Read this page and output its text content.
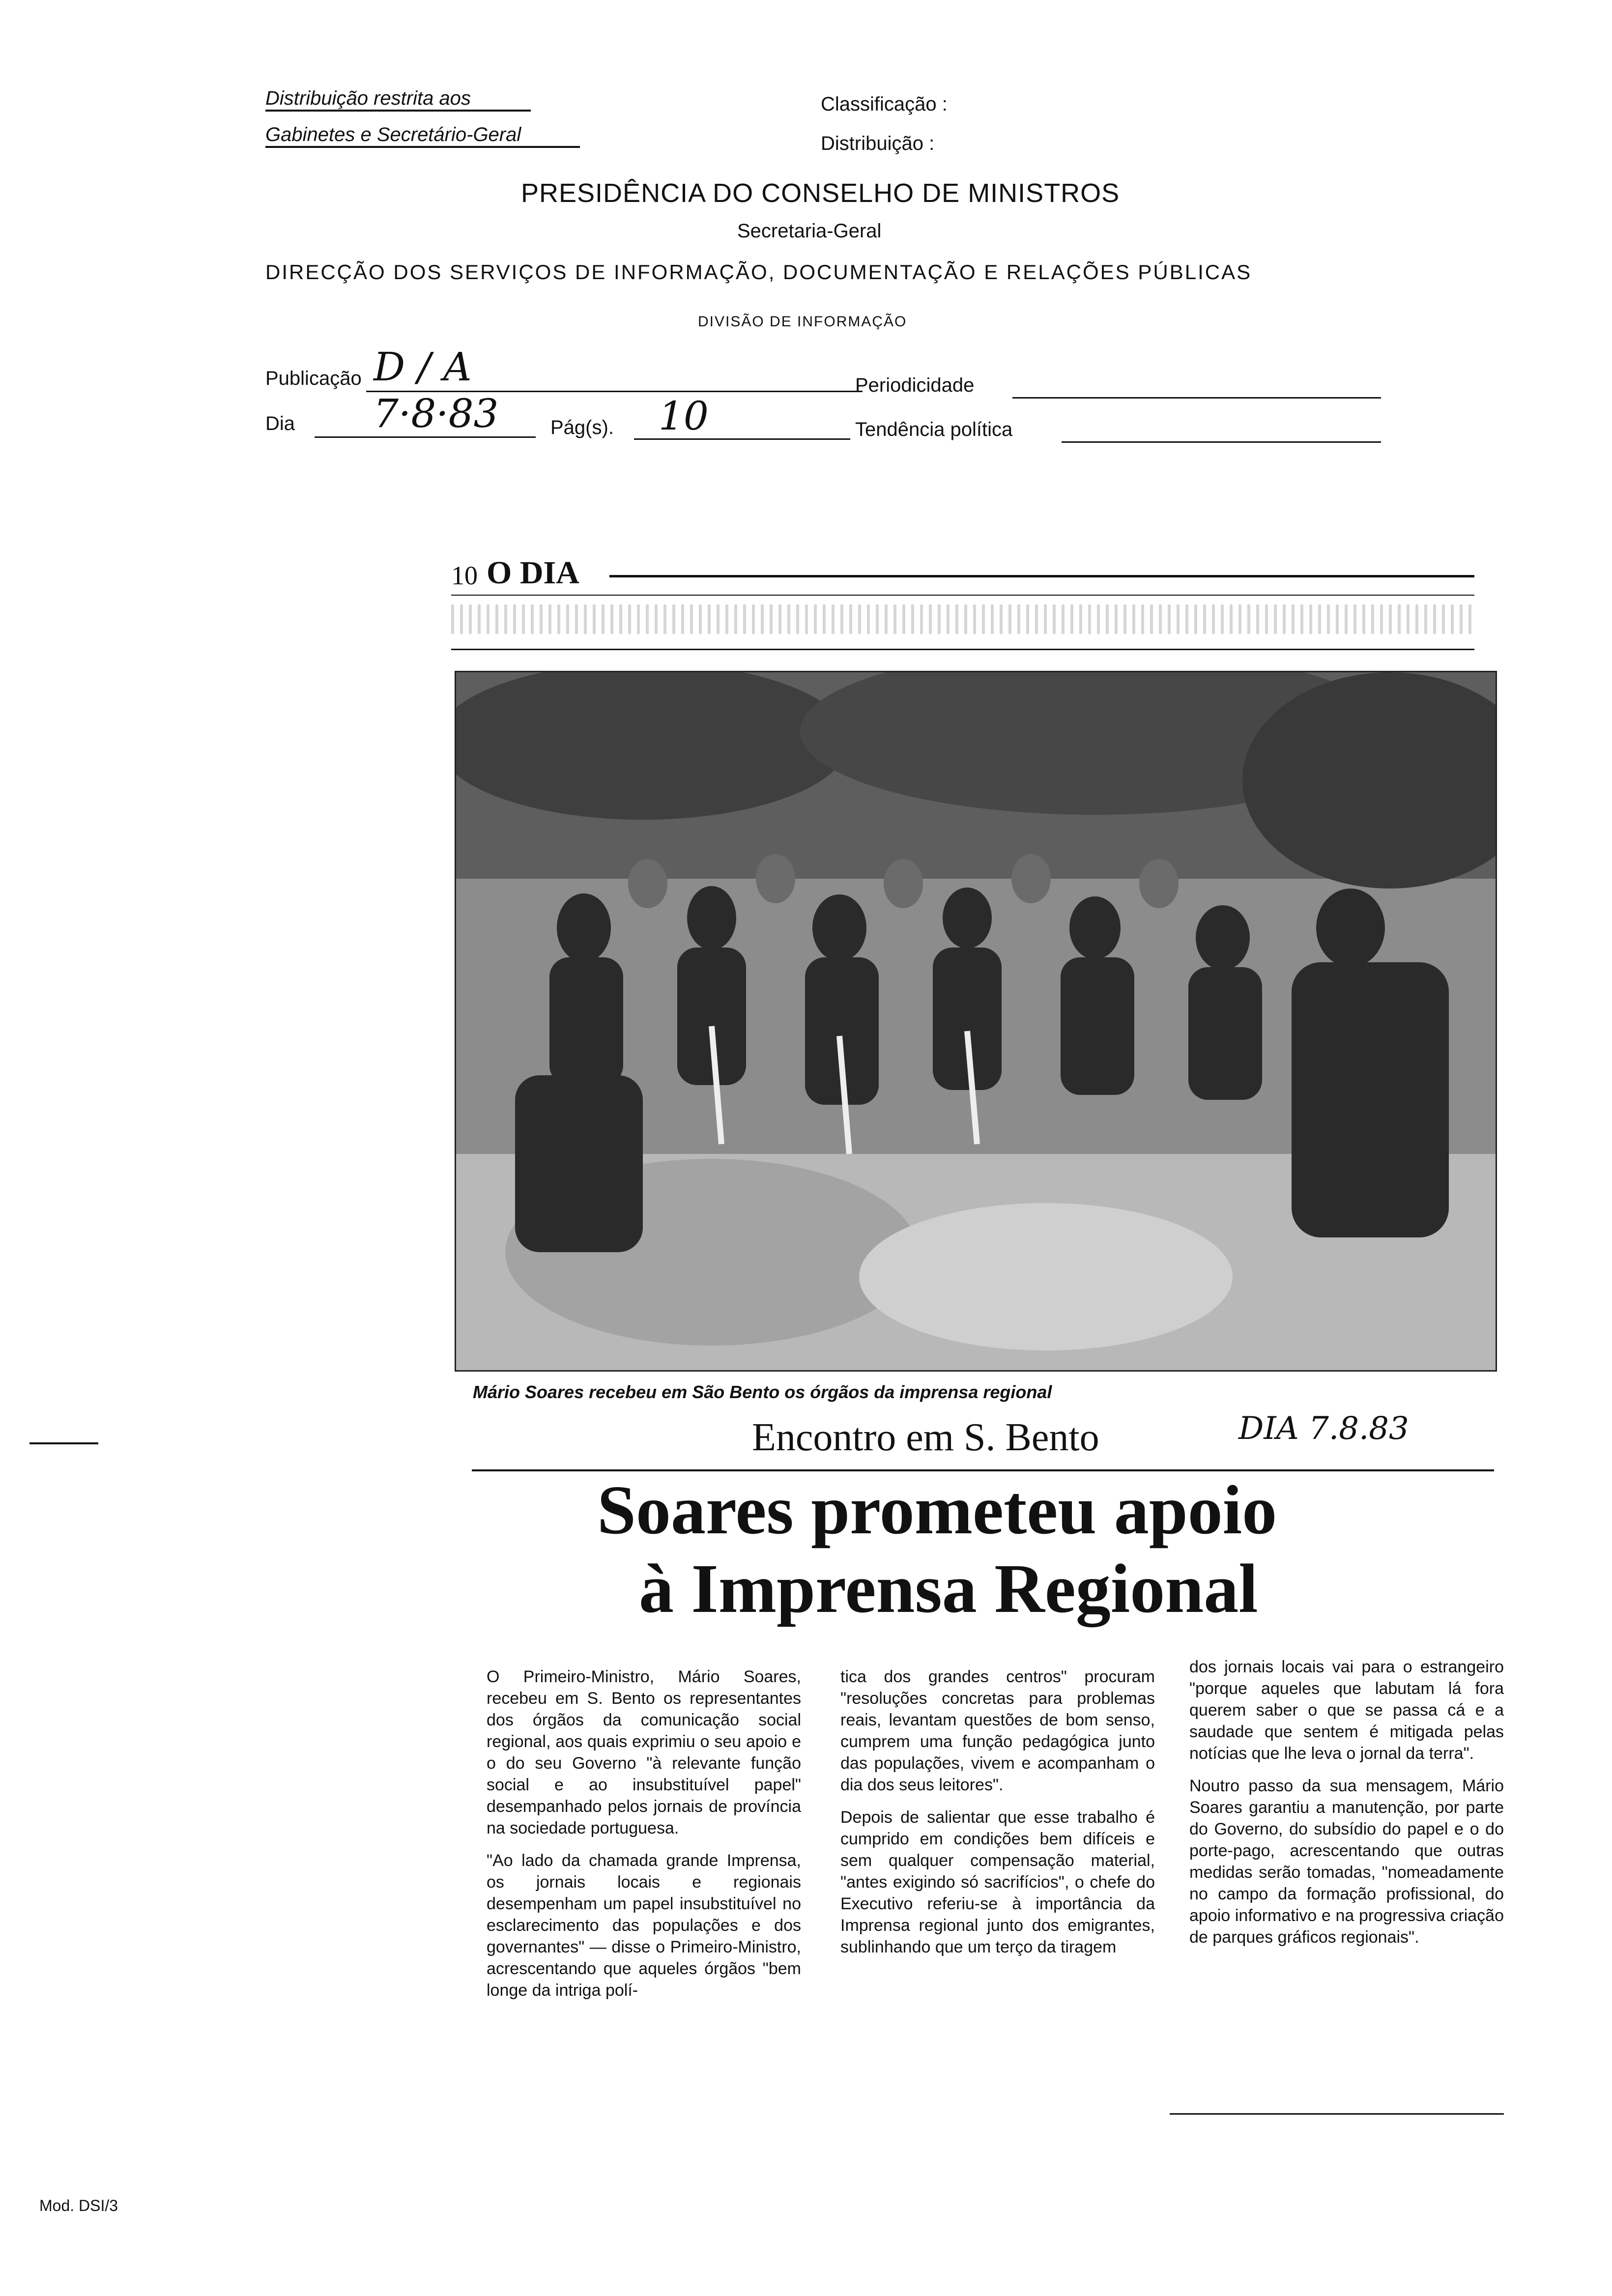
Distribuição restrita aos
Gabinetes e Secretário-Geral
Classificação :
Distribuição :
PRESIDÊNCIA DO CONSELHO DE MINISTROS
Secretaria-Geral
DIRECÇÃO DOS SERVIÇOS DE INFORMAÇÃO, DOCUMENTAÇÃO E RELAÇÕES PÚBLICAS
DIVISÃO DE INFORMAÇÃO
Publicação D / A	Periodicidade
Dia 7·8·83	Pág(s). 10	Tendência política
10 O DIA
Mário Soares recebeu em São Bento os órgãos da imprensa regional
Encontro em S. Bento	DIA 7.8.83
Soares prometeu apoio
à Imprensa Regional

O Primeiro-Ministro, Mário Soares, recebeu em S. Bento os representantes dos órgãos da comunicação social regional, aos quais exprimiu o seu apoio e o do seu Governo "à relevante função social e ao insubstituível papel" desempanhado pelos jornais de província na sociedade portuguesa.

"Ao lado da chamada grande Imprensa, os jornais locais e regionais desempenham um papel insubstituível no esclarecimento das populações e dos governantes" — disse o Primeiro-Ministro, acrescentando que aqueles órgãos "bem longe da intriga polí-

tica dos grandes centros" procuram "resoluções concretas para problemas reais, levantam questões de bom senso, cumprem uma função pedagógica junto das populações, vivem e acompanham o dia dos seus leitores".

Depois de salientar que esse trabalho é cumprido em condições bem difíceis e sem qualquer compensação material, "antes exigindo só sacrifícios", o chefe do Executivo referiu-se à importância da Imprensa regional junto dos emigrantes, sublinhando que um terço da tiragem

dos jornais locais vai para o estrangeiro "porque aqueles que labutam lá fora querem saber o que se passa cá e a saudade que sentem é mitigada pelas notícias que lhe leva o jornal da terra".

Noutro passo da sua mensagem, Mário Soares garantiu a manutenção, por parte do Governo, do subsídio do papel e o do porte-pago, acrescentando que outras medidas serão tomadas, "nomeadamente no campo da formação profissional, do apoio informativo e na progressiva criação de parques gráficos regionais".

Mod. DSI/3
